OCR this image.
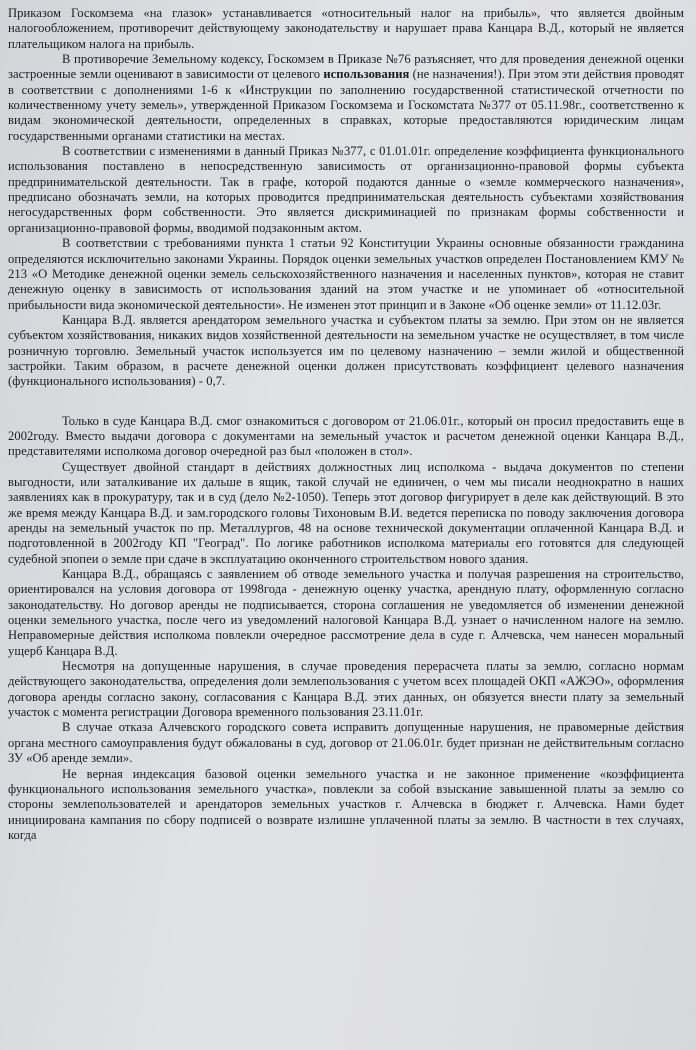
Приказом Госкомзема «на глазок» устанавливается «относительный налог на прибыль», что является двойным налогообложением, противоречит действующему законодательству и нарушает права Канцара В.Д., который не является плательщиком налога на прибыль.

В противоречие Земельному кодексу, Госкомзем в Приказе №76 разъясняет, что для проведения денежной оценки застроенные земли оценивают в зависимости от целевого использования (не назначения!). При этом эти действия проводят в соответствии с дополнениями 1-6 к «Инструкции по заполнению государственной статистической отчетности по количественному учету земель», утвержденной Приказом Госкомзема и Госкомстата №377 от 05.11.98г., соответственно к видам экономической деятельности, определенных в справках, которые предоставляются юридическим лицам государственными органами статистики на местах.

В соответствии с изменениями в данный Приказ №377, с 01.01.01г. определение коэффициента функционального использования поставлено в непосредственную зависимость от организационно-правовой формы субъекта предпринимательской деятельности. Так в графе, которой подаются данные о «земле коммерческого назначения», предписано обозначать земли, на которых проводится предпринимательская деятельность субъектами хозяйствования негосударственных форм собственности. Это является дискриминацией по признакам формы собственности и организационно-правовой формы, вводимой подзаконным актом.

В соответствии с требованиями пункта 1 статьи 92 Конституции Украины основные обязанности гражданина определяются исключительно законами Украины. Порядок оценки земельных участков определен Постановлением КМУ № 213 «О Методике денежной оценки земель сельскохозяйственного назначения и населенных пунктов», которая не ставит денежную оценку в зависимость от использования зданий на этом участке и не упоминает об «относительной прибыльности вида экономической деятельности». Не изменен этот принцип и в Законе «Об оценке земли» от 11.12.03г.

Канцара В.Д. является арендатором земельного участка и субъектом платы за землю. При этом он не является субъектом хозяйствования, никаких видов хозяйственной деятельности на земельном участке не осуществляет, в том числе розничную торговлю. Земельный участок используется им по целевому назначению – земли жилой и общественной застройки. Таким образом, в расчете денежной оценки должен присутствовать коэффициент целевого назначения (функционального использования) - 0,7.

Только в суде Канцара В.Д. смог ознакомиться с договором от 21.06.01г., который он просил предоставить еще в 2002году. Вместо выдачи договора с документами на земельный участок и расчетом денежной оценки Канцара В.Д., представителями исполкома договор очередной раз был «положен в стол».

Существует двойной стандарт в действиях должностных лиц исполкома - выдача документов по степени выгодности, или заталкивание их дальше в ящик, такой случай не единичен, о чем мы писали неоднократно в наших заявлениях как в прокуратуру, так и в суд (дело №2-1050). Теперь этот договор фигурирует в деле как действующий. В это же время между Канцара В.Д. и зам.городского головы Тихоновым В.И. ведется переписка по поводу заключения договора аренды на земельный участок по пр. Металлургов, 48 на основе технической документации оплаченной Канцара В.Д. и подготовленной в 2002году КП "Геоград". По логике работников исполкома материалы его готовятся для следующей судебной эпопеи о земле при сдаче в эксплуатацию оконченного строительством нового здания.

Канцара В.Д., обращаясь с заявлением об отводе земельного участка и получая разрешения на строительство, ориентировался на условия договора от 1998года - денежную оценку участка, арендную плату, оформленную согласно законодательству. Но договор аренды не подписывается, сторона соглашения не уведомляется об изменении денежной оценки земельного участка, после чего из уведомлений налоговой Канцара В.Д. узнает о начисленном налоге на землю. Неправомерные действия исполкома повлекли очередное рассмотрение дела в суде г. Алчевска, чем нанесен моральный ущерб Канцара В.Д.

Несмотря на допущенные нарушения, в случае проведения перерасчета платы за землю, согласно нормам действующего законодательства, определения доли землепользования с учетом всех площадей ОКП «АЖЭО», оформления договора аренды согласно закону, согласования с Канцара В.Д. этих данных, он обязуется внести плату за земельный участок с момента регистрации Договора временного пользования 23.11.01г.

В случае отказа Алчевского городского совета исправить допущенные нарушения, не правомерные действия органа местного самоуправления будут обжалованы в суд, договор от 21.06.01г. будет признан не действительным согласно ЗУ «Об аренде земли».

Не верная индексация базовой оценки земельного участка и не законное применение «коэффициента функционального использования земельного участка», повлекли за собой взыскание завышенной платы за землю со стороны землепользователей и арендаторов земельных участков г. Алчевска в бюджет г. Алчевска. Нами будет инициирована кампания по сбору подписей о возврате излишне уплаченной платы за землю. В частности в тех случаях, когда
